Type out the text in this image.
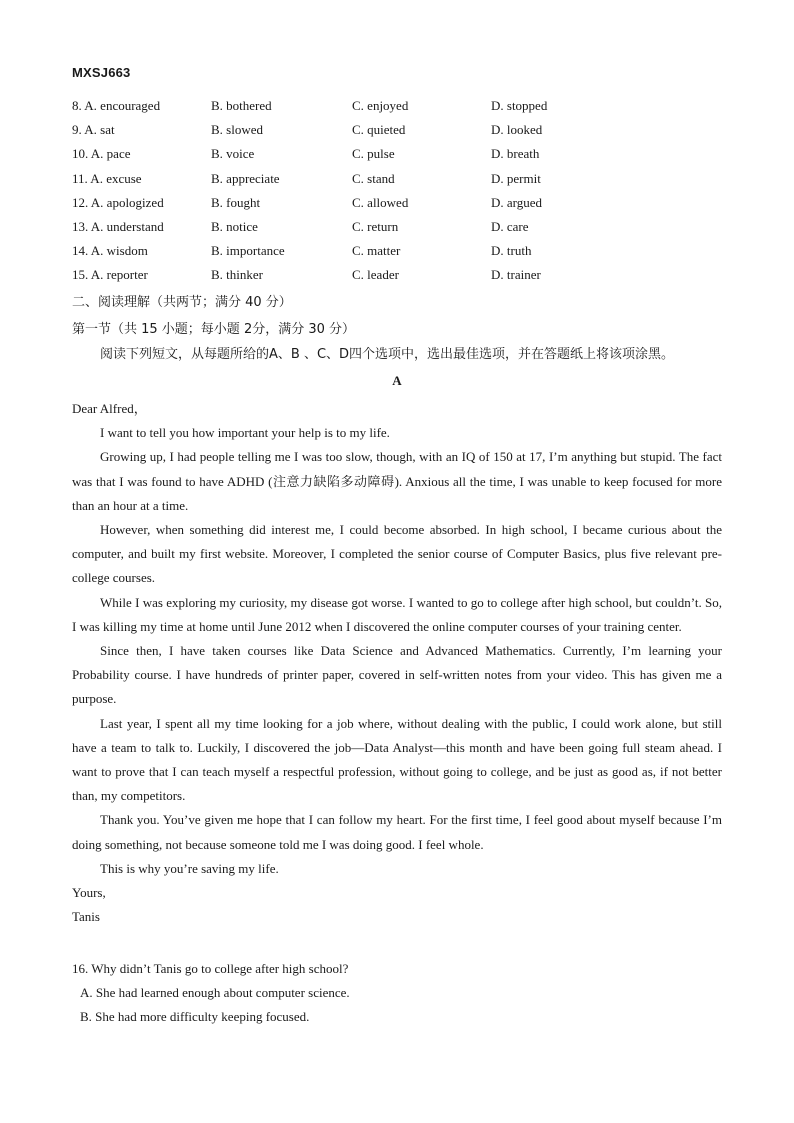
MXSJ663
8. A. encouraged	B. bothered	C. enjoyed	D. stopped
9. A. sat	B. slowed	C. quieted	D. looked
10. A. pace	B. voice	C. pulse	D. breath
11. A. excuse	B. appreciate	C. stand	D. permit
12. A. apologized	B. fought	C. allowed	D. argued
13. A. understand	B. notice	C. return	D. care
14. A. wisdom	B. importance	C. matter	D. truth
15. A. reporter	B. thinker	C. leader	D. trainer
二、阅读理解（共两节；满分 40 分）
第一节（共 15 小题；每小题 2分，满分 30 分）
阅读下列短文，从每题所给的A、B 、C、D四个选项中，选出最佳选项，并在答题纸上将该项涂黑。
A

Dear Alfred，

I want to tell you how important your help is to my life.

Growing up, I had people telling me I was too slow, though, with an IQ of 150 at 17, I’m anything but stupid. The fact was that I was found to have ADHD (注意力缺陷多动障碍). Anxious all the time, I was unable to keep focused for more than an hour at a time.

However, when something did interest me, I could become absorbed. In high school, I became curious about the computer, and built my first website. Moreover, I completed the senior course of Computer Basics, plus five relevant pre-college courses.

While I was exploring my curiosity, my disease got worse. I wanted to go to college after high school, but couldn’t. So, I was killing my time at home until June 2012 when I discovered the online computer courses of your training center.

Since then, I have taken courses like Data Science and Advanced Mathematics. Currently, I’m learning your Probability course. I have hundreds of printer paper, covered in self-written notes from your video. This has given me a purpose.

Last year, I spent all my time looking for a job where, without dealing with the public, I could work alone, but still have a team to talk to. Luckily, I discovered the job—Data Analyst—this month and have been going full steam ahead. I want to prove that I can teach myself a respectful profession, without going to college, and be just as good as, if not better than, my competitors.

Thank you. You’ve given me hope that I can follow my heart. For the first time, I feel good about myself because I’m doing something, not because someone told me I was doing good. I feel whole.

This is why you’re saving my life.

Yours,

Tanis

16. Why didn’t Tanis go to college after high school?
A. She had learned enough about computer science.
B. She had more difficulty keeping focused.
